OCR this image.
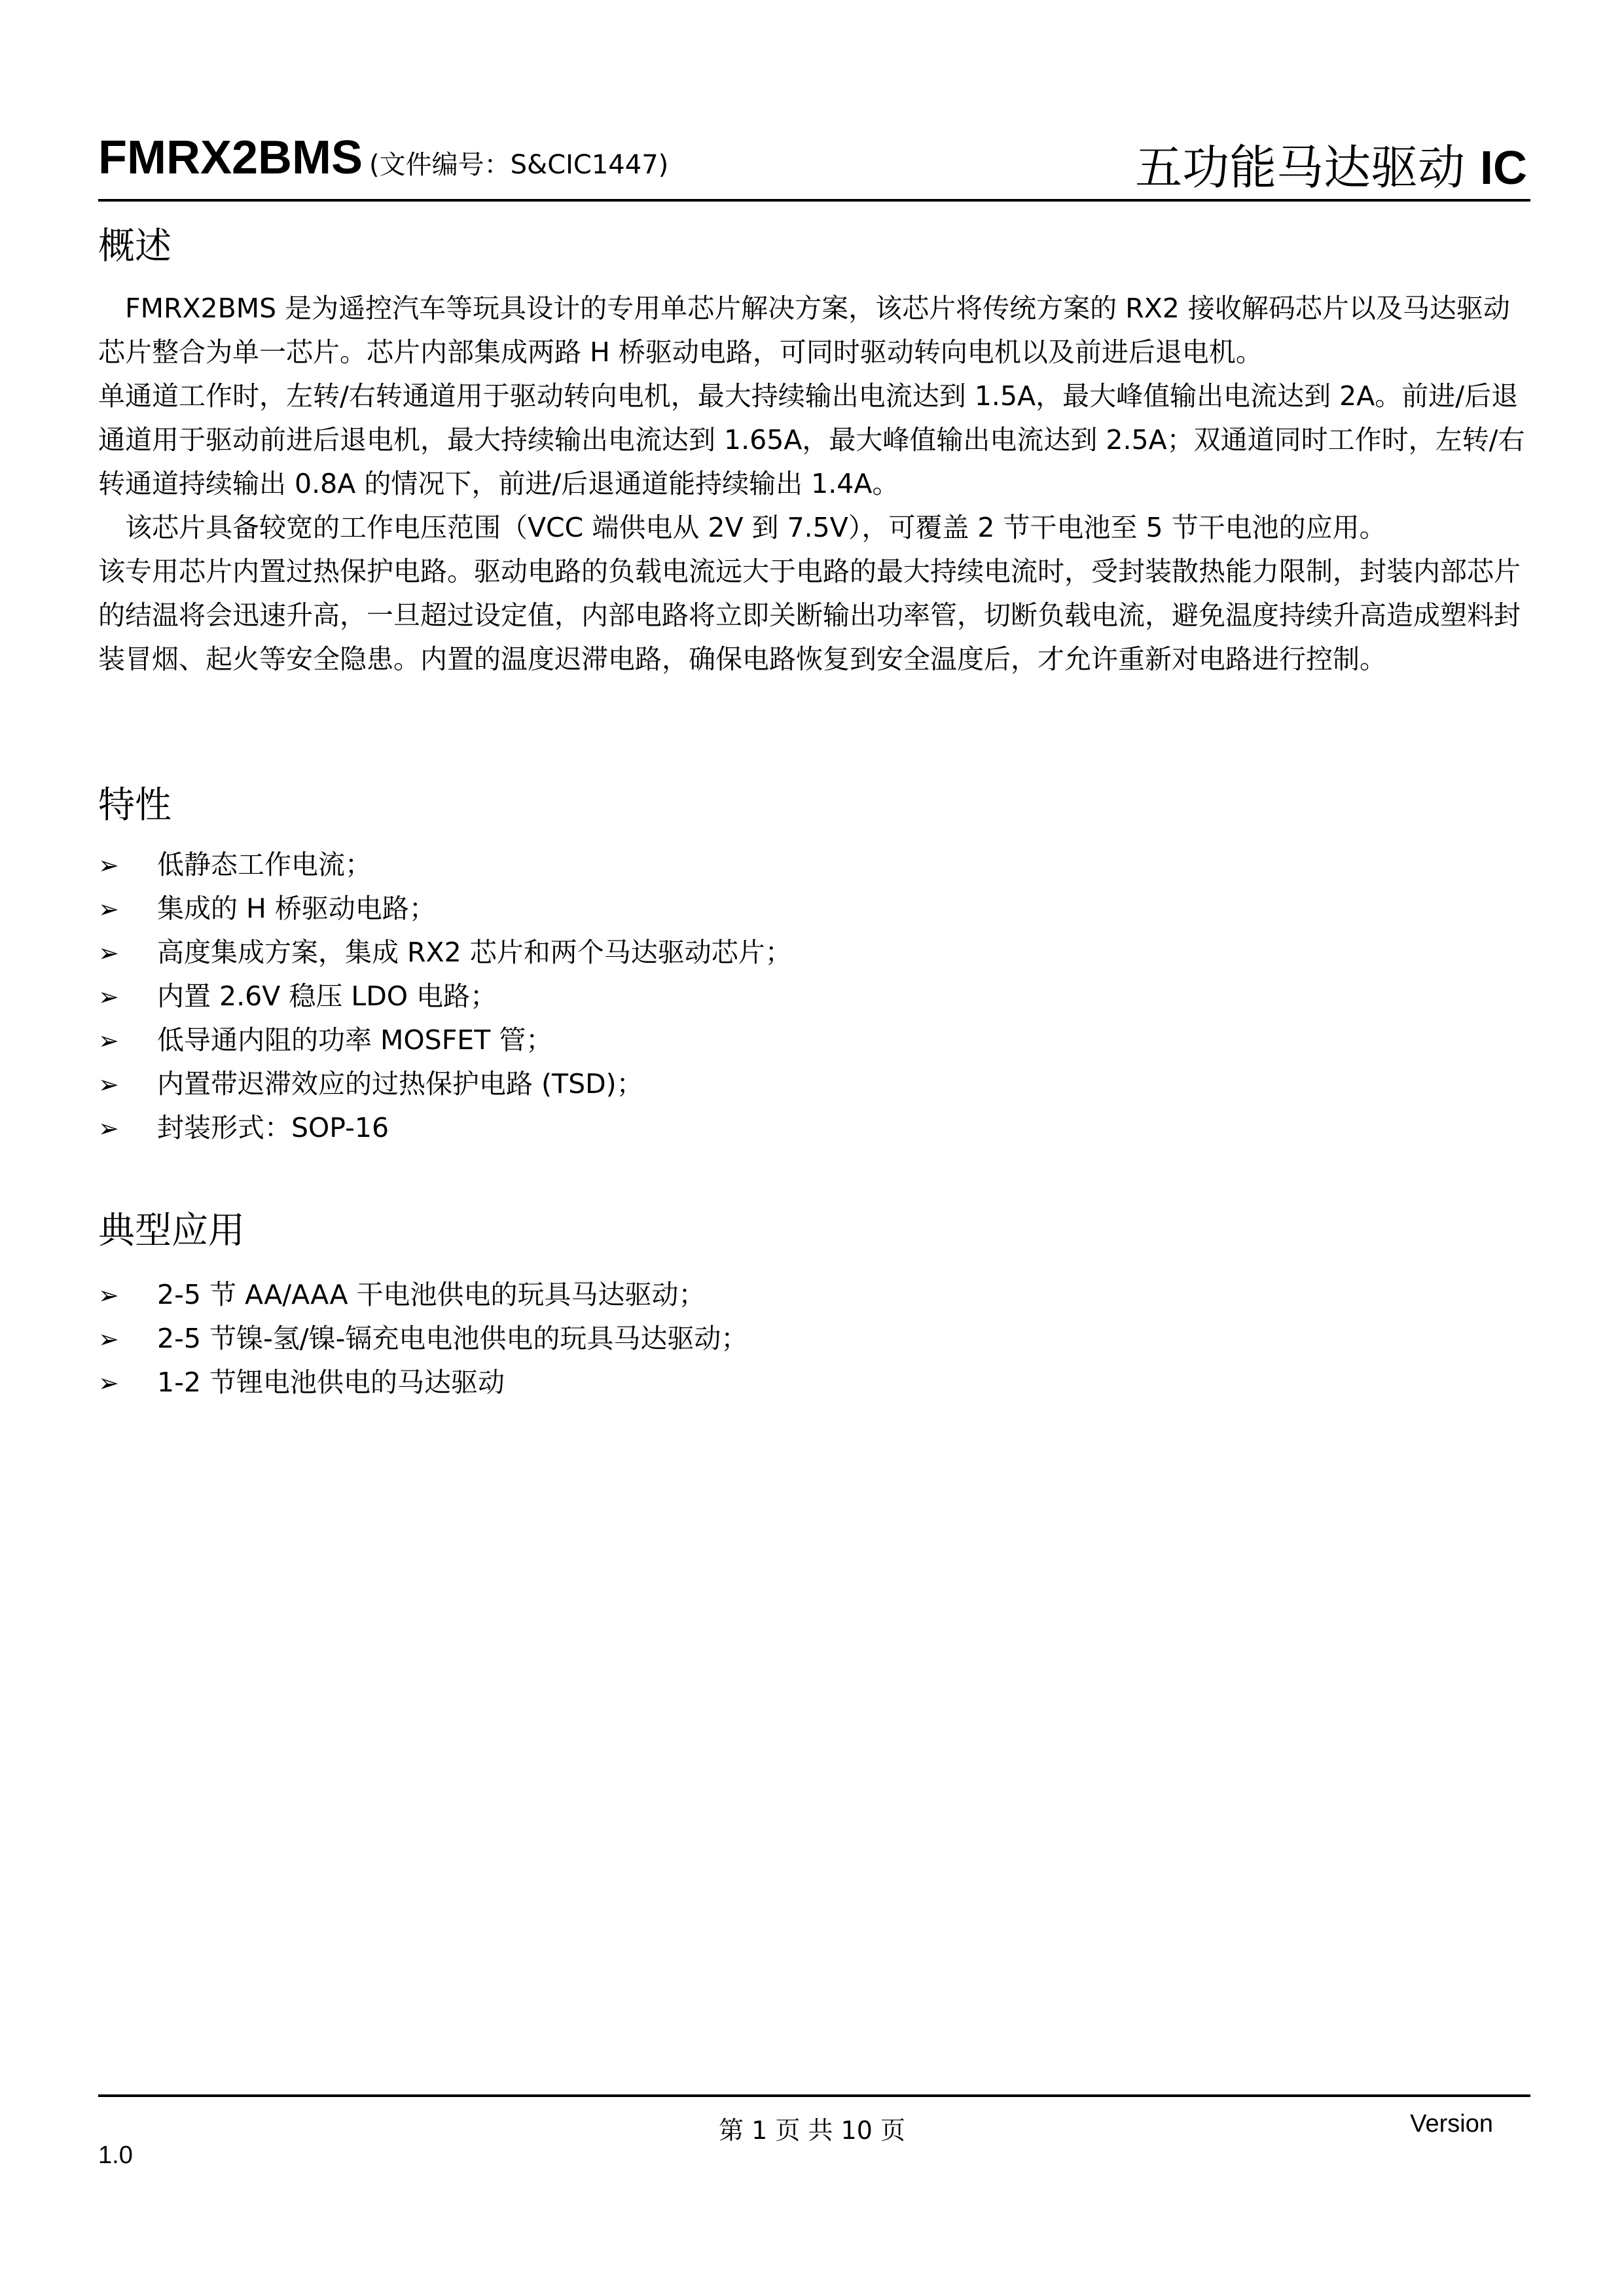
FMRX2BMS (文件编号：S&CIC1447)	五功能马达驱动 IC
概述

　FMRX2BMS 是为遥控汽车等玩具设计的专用单芯片解决方案，该芯片将传统方案的 RX2 接收解码芯片以及马达驱动芯片整合为单一芯片。芯片内部集成两路 H 桥驱动电路，可同时驱动转向电机以及前进后退电机。

单通道工作时，左转/右转通道用于驱动转向电机，最大持续输出电流达到 1.5A，最大峰值输出电流达到 2A。前进/后退通道用于驱动前进后退电机，最大持续输出电流达到 1.65A，最大峰值输出电流达到 2.5A；双通道同时工作时，左转/右转通道持续输出 0.8A 的情况下，前进/后退通道能持续输出 1.4A。

　该芯片具备较宽的工作电压范围（VCC 端供电从 2V 到 7.5V），可覆盖 2 节干电池至 5 节干电池的应用。

该专用芯片内置过热保护电路。驱动电路的负载电流远大于电路的最大持续电流时，受封装散热能力限制，封装内部芯片的结温将会迅速升高，一旦超过设定值，内部电路将立即关断输出功率管，切断负载电流，避免温度持续升高造成塑料封装冒烟、起火等安全隐患。内置的温度迟滞电路，确保电路恢复到安全温度后，才允许重新对电路进行控制。

特性
➢ 低静态工作电流；
➢ 集成的 H 桥驱动电路；
➢ 高度集成方案，集成 RX2 芯片和两个马达驱动芯片；
➢ 内置 2.6V 稳压 LDO 电路；
➢ 低导通内阻的功率 MOSFET 管；
➢ 内置带迟滞效应的过热保护电路 (TSD)；
➢ 封装形式：SOP-16
典型应用
➢ 2-5 节 AA/AAA 干电池供电的玩具马达驱动；
➢ 2-5 节镍-氢/镍-镉充电电池供电的玩具马达驱动；
➢ 1-2 节锂电池供电的马达驱动
第 1 页 共 10 页	Version
1.0
